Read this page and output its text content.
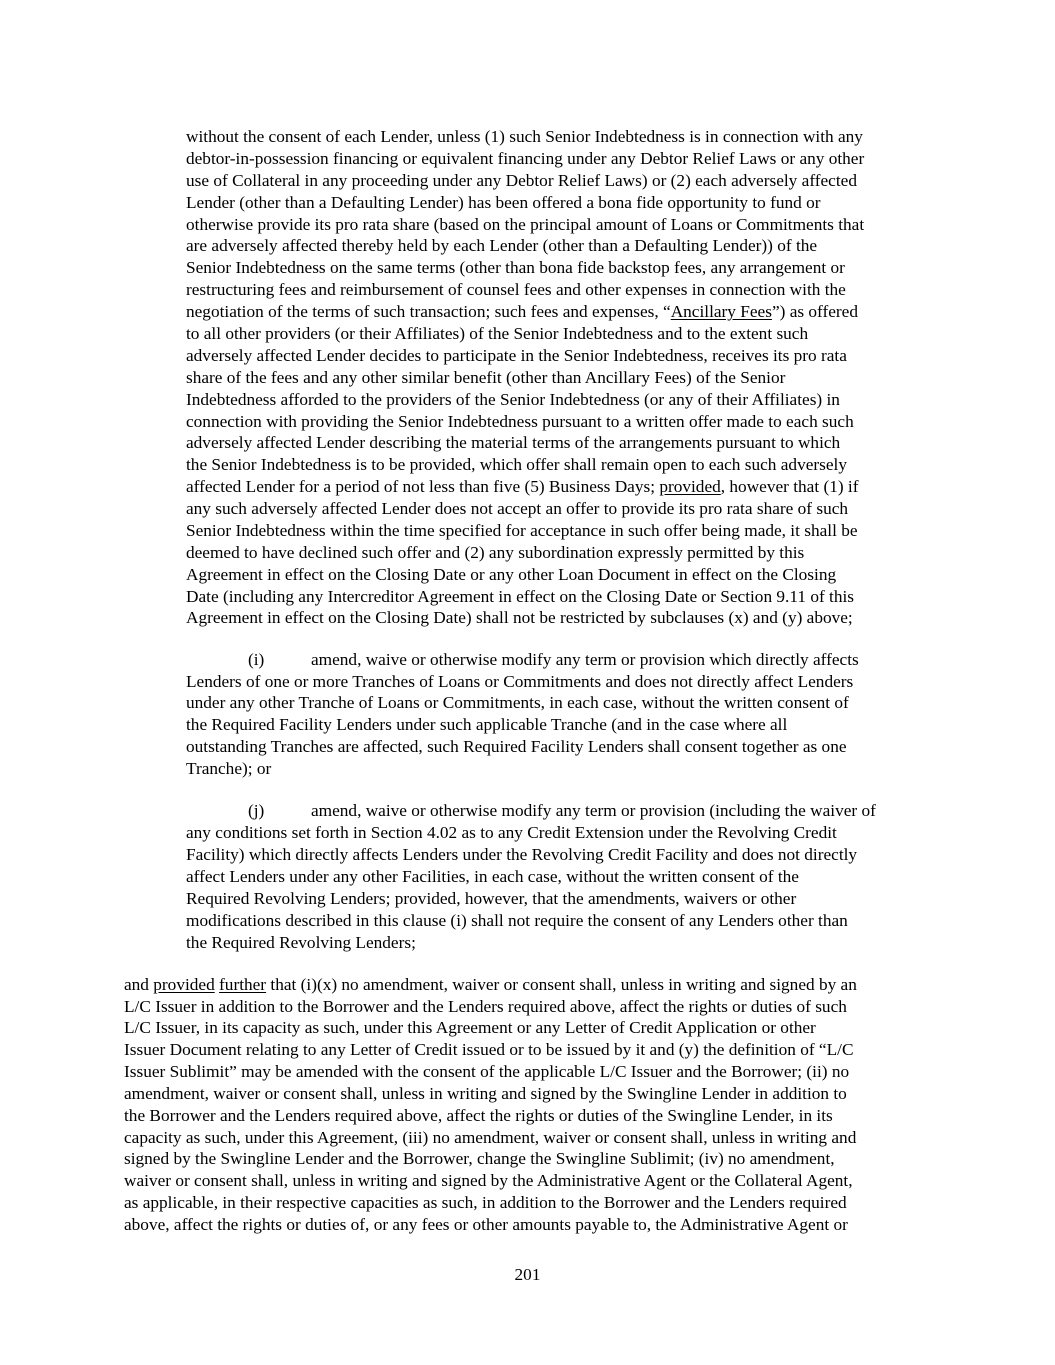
without the consent of each Lender, unless (1) such Senior Indebtedness is in connection with any
debtor-in-possession financing or equivalent financing under any Debtor Relief Laws or any other
use of Collateral in any proceeding under any Debtor Relief Laws) or (2) each adversely affected
Lender (other than a Defaulting Lender) has been offered a bona fide opportunity to fund or
otherwise provide its pro rata share (based on the principal amount of Loans or Commitments that
are adversely affected thereby held by each Lender (other than a Defaulting Lender)) of the
Senior Indebtedness on the same terms (other than bona fide backstop fees, any arrangement or
restructuring fees and reimbursement of counsel fees and other expenses in connection with the
negotiation of the terms of such transaction; such fees and expenses, “Ancillary Fees”) as offered
to all other providers (or their Affiliates) of the Senior Indebtedness and to the extent such
adversely affected Lender decides to participate in the Senior Indebtedness, receives its pro rata
share of the fees and any other similar benefit (other than Ancillary Fees) of the Senior
Indebtedness afforded to the providers of the Senior Indebtedness (or any of their Affiliates) in
connection with providing the Senior Indebtedness pursuant to a written offer made to each such
adversely affected Lender describing the material terms of the arrangements pursuant to which
the Senior Indebtedness is to be provided, which offer shall remain open to each such adversely
affected Lender for a period of not less than five (5) Business Days; provided, however that (1) if
any such adversely affected Lender does not accept an offer to provide its pro rata share of such
Senior Indebtedness within the time specified for acceptance in such offer being made, it shall be
deemed to have declined such offer and (2) any subordination expressly permitted by this
Agreement in effect on the Closing Date or any other Loan Document in effect on the Closing
Date (including any Intercreditor Agreement in effect on the Closing Date or Section 9.11 of this
Agreement in effect on the Closing Date) shall not be restricted by subclauses (x) and (y) above;
(i)	amend, waive or otherwise modify any term or provision which directly affects
Lenders of one or more Tranches of Loans or Commitments and does not directly affect Lenders
under any other Tranche of Loans or Commitments, in each case, without the written consent of
the Required Facility Lenders under such applicable Tranche (and in the case where all
outstanding Tranches are affected, such Required Facility Lenders shall consent together as one
Tranche); or
(j)	amend, waive or otherwise modify any term or provision (including the waiver of
any conditions set forth in Section 4.02 as to any Credit Extension under the Revolving Credit
Facility) which directly affects Lenders under the Revolving Credit Facility and does not directly
affect Lenders under any other Facilities, in each case, without the written consent of the
Required Revolving Lenders; provided, however, that the amendments, waivers or other
modifications described in this clause (i) shall not require the consent of any Lenders other than
the Required Revolving Lenders;
and provided further that (i)(x) no amendment, waiver or consent shall, unless in writing and signed by an
L/C Issuer in addition to the Borrower and the Lenders required above, affect the rights or duties of such
L/C Issuer, in its capacity as such, under this Agreement or any Letter of Credit Application or other
Issuer Document relating to any Letter of Credit issued or to be issued by it and (y) the definition of “L/C
Issuer Sublimit” may be amended with the consent of the applicable L/C Issuer and the Borrower; (ii) no
amendment, waiver or consent shall, unless in writing and signed by the Swingline Lender in addition to
the Borrower and the Lenders required above, affect the rights or duties of the Swingline Lender, in its
capacity as such, under this Agreement, (iii) no amendment, waiver or consent shall, unless in writing and
signed by the Swingline Lender and the Borrower, change the Swingline Sublimit; (iv) no amendment,
waiver or consent shall, unless in writing and signed by the Administrative Agent or the Collateral Agent,
as applicable, in their respective capacities as such, in addition to the Borrower and the Lenders required
above, affect the rights or duties of, or any fees or other amounts payable to, the Administrative Agent or
201
